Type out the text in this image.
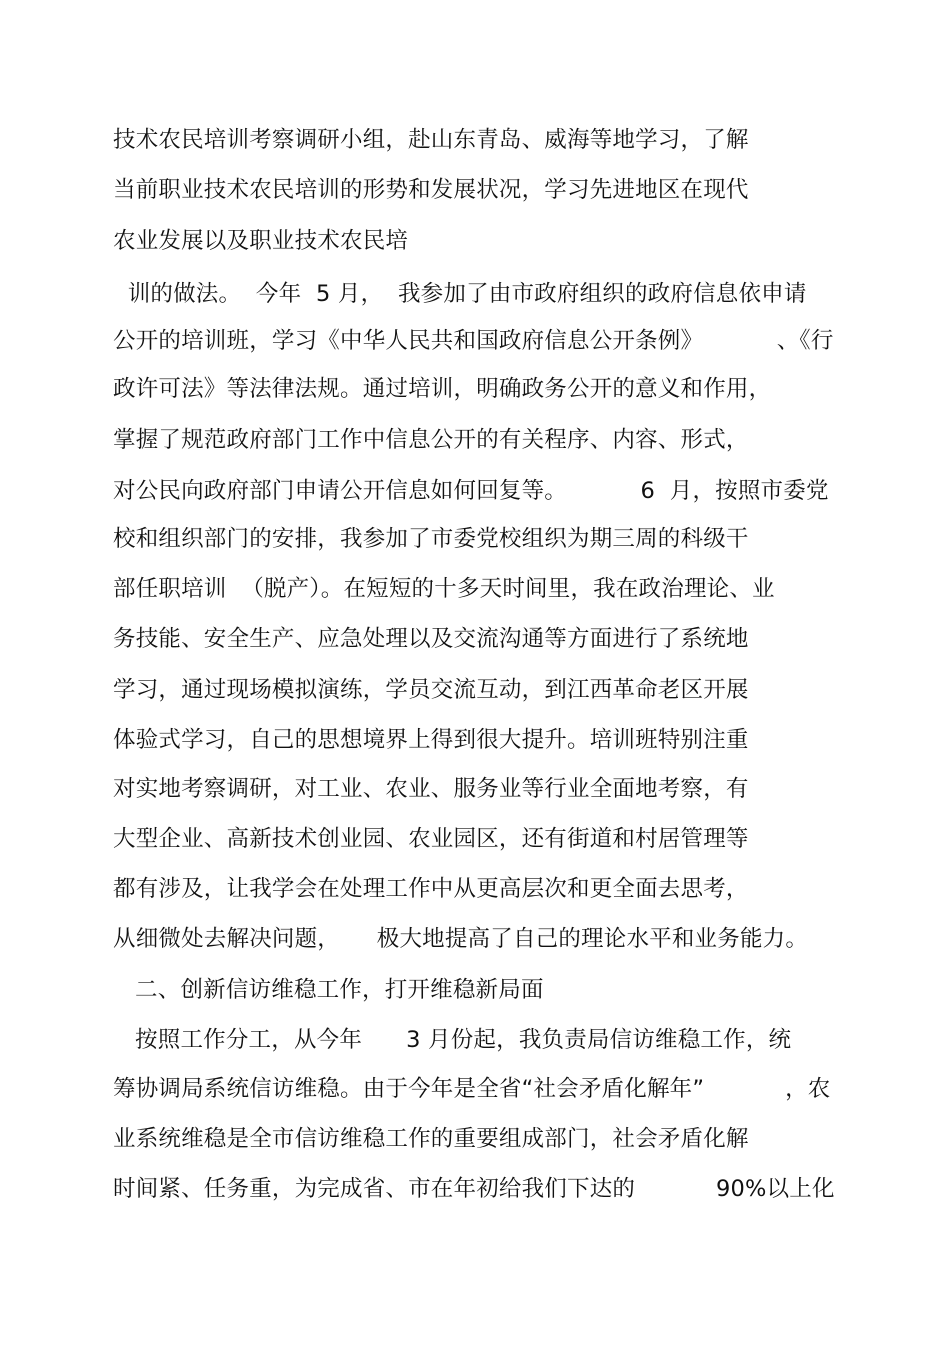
技术农民培训考察调研小组，赴山东青岛、威海等地学习，了解
当前职业技术农民培训的形势和发展状况，学习先进地区在现代
农业发展以及职业技术农民培
训的做法。  今年  5 月，  我参加了由市政府组织的政府信息依申请
公开的培训班，学习《中华人民共和国政府信息公开条例》          、《行
政许可法》等法律法规。通过培训，明确政务公开的意义和作用，
掌握了规范政府部门工作中信息公开的有关程序、内容、形式，
对公民向政府部门申请公开信息如何回复等。          6  月，按照市委党
校和组织部门的安排，我参加了市委党校组织为期三周的科级干
部任职培训  （脱产）。在短短的十多天时间里，我在政治理论、业
务技能、安全生产、应急处理以及交流沟通等方面进行了系统地
学习，通过现场模拟演练，学员交流互动，到江西革命老区开展
体验式学习，自己的思想境界上得到很大提升。培训班特别注重
对实地考察调研，对工业、农业、服务业等行业全面地考察，有
大型企业、高新技术创业园、农业园区，还有街道和村居管理等
都有涉及，让我学会在处理工作中从更高层次和更全面去思考，
从细微处去解决问题，     极大地提高了自己的理论水平和业务能力。
二、创新信访维稳工作，打开维稳新局面
按照工作分工，从今年      3 月份起，我负责局信访维稳工作，统
筹协调局系统信访维稳。由于今年是全省“社会矛盾化解年”           ，农
业系统维稳是全市信访维稳工作的重要组成部门，社会矛盾化解
时间紧、任务重，为完成省、市在年初给我们下达的           90%以上化
